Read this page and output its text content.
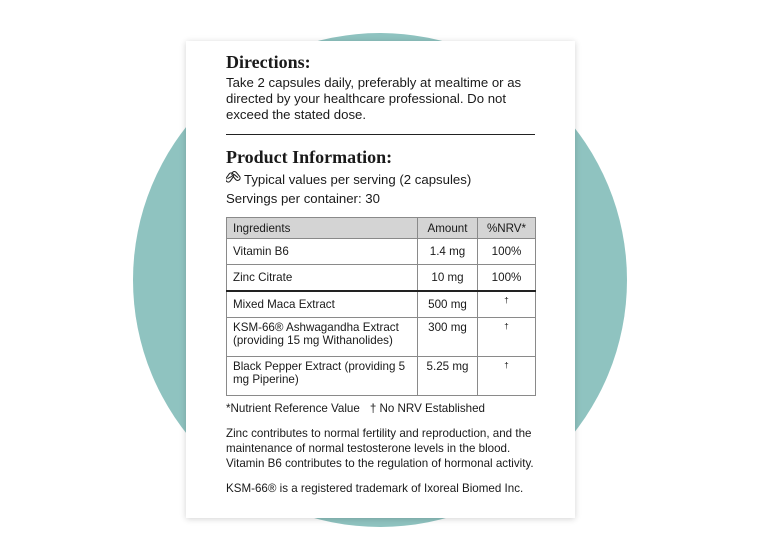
Directions:

Take 2 capsules daily, preferably at mealtime or as directed by your healthcare professional. Do not exceed the stated dose.

Product Information:
Typical values per serving (2 capsules)
Servings per container: 30
Ingredients	Amount	%NRV*
Vitamin B6	1.4 mg	100%
Zinc Citrate	10 mg	100%
Mixed Maca Extract	500 mg	†
KSM-66® Ashwagandha Extract (providing 15 mg Withanolides)	300 mg	†
Black Pepper Extract (providing 5 mg Piperine)	5.25 mg	†
*Nutrient Reference Value † No NRV Established
Zinc contributes to normal fertility and reproduction, and the maintenance of normal testosterone levels in the blood. Vitamin B6 contributes to the regulation of hormonal activity.
KSM-66® is a registered trademark of Ixoreal Biomed Inc.
